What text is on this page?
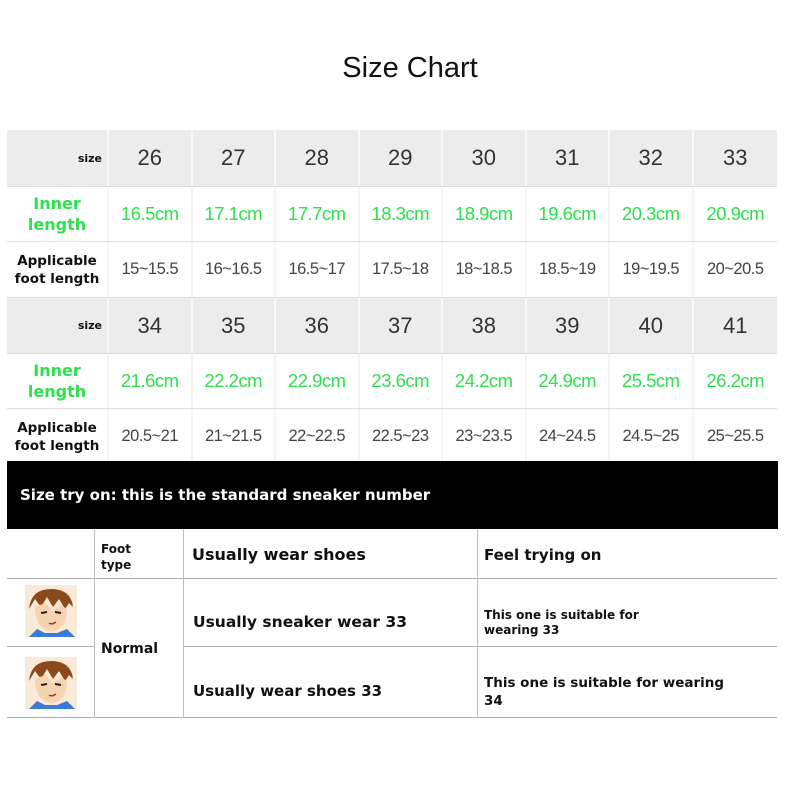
Size Chart
size	26	27	28	29	30	31	32	33
Inner
length
16.5cm	17.1cm	17.7cm	18.3cm	18.9cm	19.6cm	20.3cm	20.9cm
Applicable
foot length
15~15.5	16~16.5	16.5~17	17.5~18	18~18.5	18.5~19	19~19.5	20~20.5
size	34	35	36	37	38	39	40	41
Inner
length
21.6cm	22.2cm	22.9cm	23.6cm	24.2cm	24.9cm	25.5cm	26.2cm
Applicable
foot length
20.5~21	21~21.5	22~22.5	22.5~23	23~23.5	24~24.5	24.5~25	25~25.5
Size try on: this is the standard sneaker number
Foot
type
Usually wear shoes	Feel trying on
Normal
Usually sneaker wear 33	This one is suitable for
wearing 33
Usually wear shoes 33	This one is suitable for wearing 34
